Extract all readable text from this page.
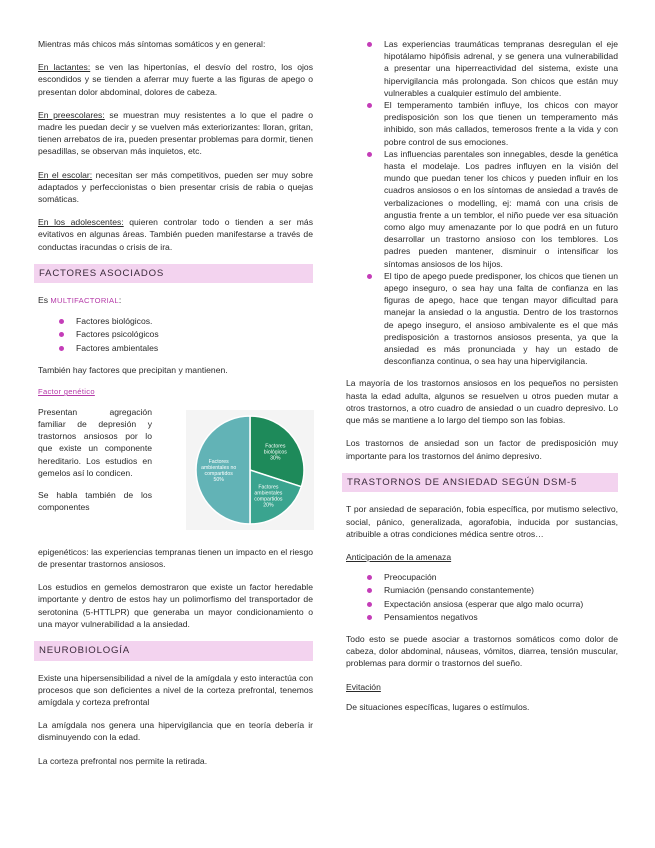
Mientras más chicos más síntomas somáticos y en general:

En lactantes: se ven las hipertonías, el desvío del rostro, los ojos escondidos y se tienden a aferrar muy fuerte a las figuras de apego o presentan dolor abdominal, dolores de cabeza.

En preescolares: se muestran muy resistentes a lo que el padre o madre les puedan decir y se vuelven más exteriorizantes: lloran, gritan, tienen arrebatos de ira, pueden presentar problemas para dormir, tienen pesadillas, se observan más inquietos, etc.

En el escolar: necesitan ser más competitivos, pueden ser muy sobre adaptados y perfeccionistas o bien presentar crisis de rabia o quejas somáticas.

En los adolescentes: quieren controlar todo o tienden a ser más evitativos en algunas áreas. También pueden manifestarse a través de conductas iracundas o crisis de ira.

FACTORES ASOCIADOS

Es MULTIFACTORIAL:

Factores biológicos.
Factores psicológicos
Factores ambientales

También hay factores que precipitan y mantienen.

Factor genético

Presentan agregación familiar de depresión y trastornos ansiosos por lo que existe un componente hereditario. Los estudios en gemelos así lo condicen.

Se habla también de los componentes

Factores biológicos 30%
Factores ambientales compartidos 20%
Factores ambientales no compartidos 50%

epigenéticos: las experiencias tempranas tienen un impacto en el riesgo de presentar trastornos ansiosos.

Los estudios en gemelos demostraron que existe un factor heredable importante y dentro de estos hay un polimorfismo del transportador de serotonina (5-HTTLPR) que generaba un mayor condicionamiento o una mayor vulnerabilidad a la ansiedad.

NEUROBIOLOGÍA

Existe una hipersensibilidad a nivel de la amígdala y esto interactúa con procesos que son deficientes a nivel de la corteza prefrontal, tenemos amígdala y corteza prefrontal

La amígdala nos genera una hipervigilancia que en teoría debería ir disminuyendo con la edad.

La corteza prefrontal nos permite la retirada.

Las experiencias traumáticas tempranas desregulan el eje hipotálamo hipófisis adrenal, y se genera una vulnerabilidad a presentar una hiperreactividad del sistema, existe una hipervigilancia más prolongada. Son chicos que están muy vulnerables a cualquier estímulo del ambiente.
El temperamento también influye, los chicos con mayor predisposición son los que tienen un temperamento más inhibido, son más callados, temerosos frente a la vida y con pobre control de sus emociones.
Las influencias parentales son innegables, desde la genética hasta el modelaje. Los padres influyen en la visión del mundo que puedan tener los chicos y pueden influir en los cuadros ansiosos o en los síntomas de ansiedad a través de verbalizaciones o modelling, ej: mamá con una crisis de angustia frente a un temblor, el niño puede ver esa situación como algo muy amenazante por lo que podrá en un futuro desarrollar un trastorno ansioso con los temblores. Los padres pueden mantener, disminuir o intensificar los síntomas ansiosos de los hijos.
El tipo de apego puede predisponer, los chicos que tienen un apego inseguro, o sea hay una falta de confianza en las figuras de apego, hace que tengan mayor dificultad para manejar la ansiedad o la angustia. Dentro de los trastornos de apego inseguro, el ansioso ambivalente es el que más predisposición a trastornos ansiosos presenta, ya que la ansiedad es más pronunciada y hay un estado de desconfianza continua, o sea hay una hipervigilancia.

La mayoría de los trastornos ansiosos en los pequeños no persisten hasta la edad adulta, algunos se resuelven u otros pueden mutar a otros trastornos, a otro cuadro de ansiedad o un cuadro depresivo. Lo que más se mantiene a lo largo del tiempo son las fobias.

Los trastornos de ansiedad son un factor de predisposición muy importante para los trastornos del ánimo depresivo.

TRASTORNOS DE ANSIEDAD SEGÚN DSM-5

T por ansiedad de separación, fobia específica, por mutismo selectivo, social, pánico, generalizada, agorafobia, inducida por sustancias, atribuible a otras condiciones médica sentre otros…

Anticipación de la amenaza

Preocupación
Rumiación (pensando constantemente)
Expectación ansiosa (esperar que algo malo ocurra)
Pensamientos negativos

Todo esto se puede asociar a trastornos somáticos como dolor de cabeza, dolor abdominal, náuseas, vómitos, diarrea, tensión muscular, problemas para dormir o trastornos del sueño.

Evitación

De situaciones específicas, lugares o estímulos.
